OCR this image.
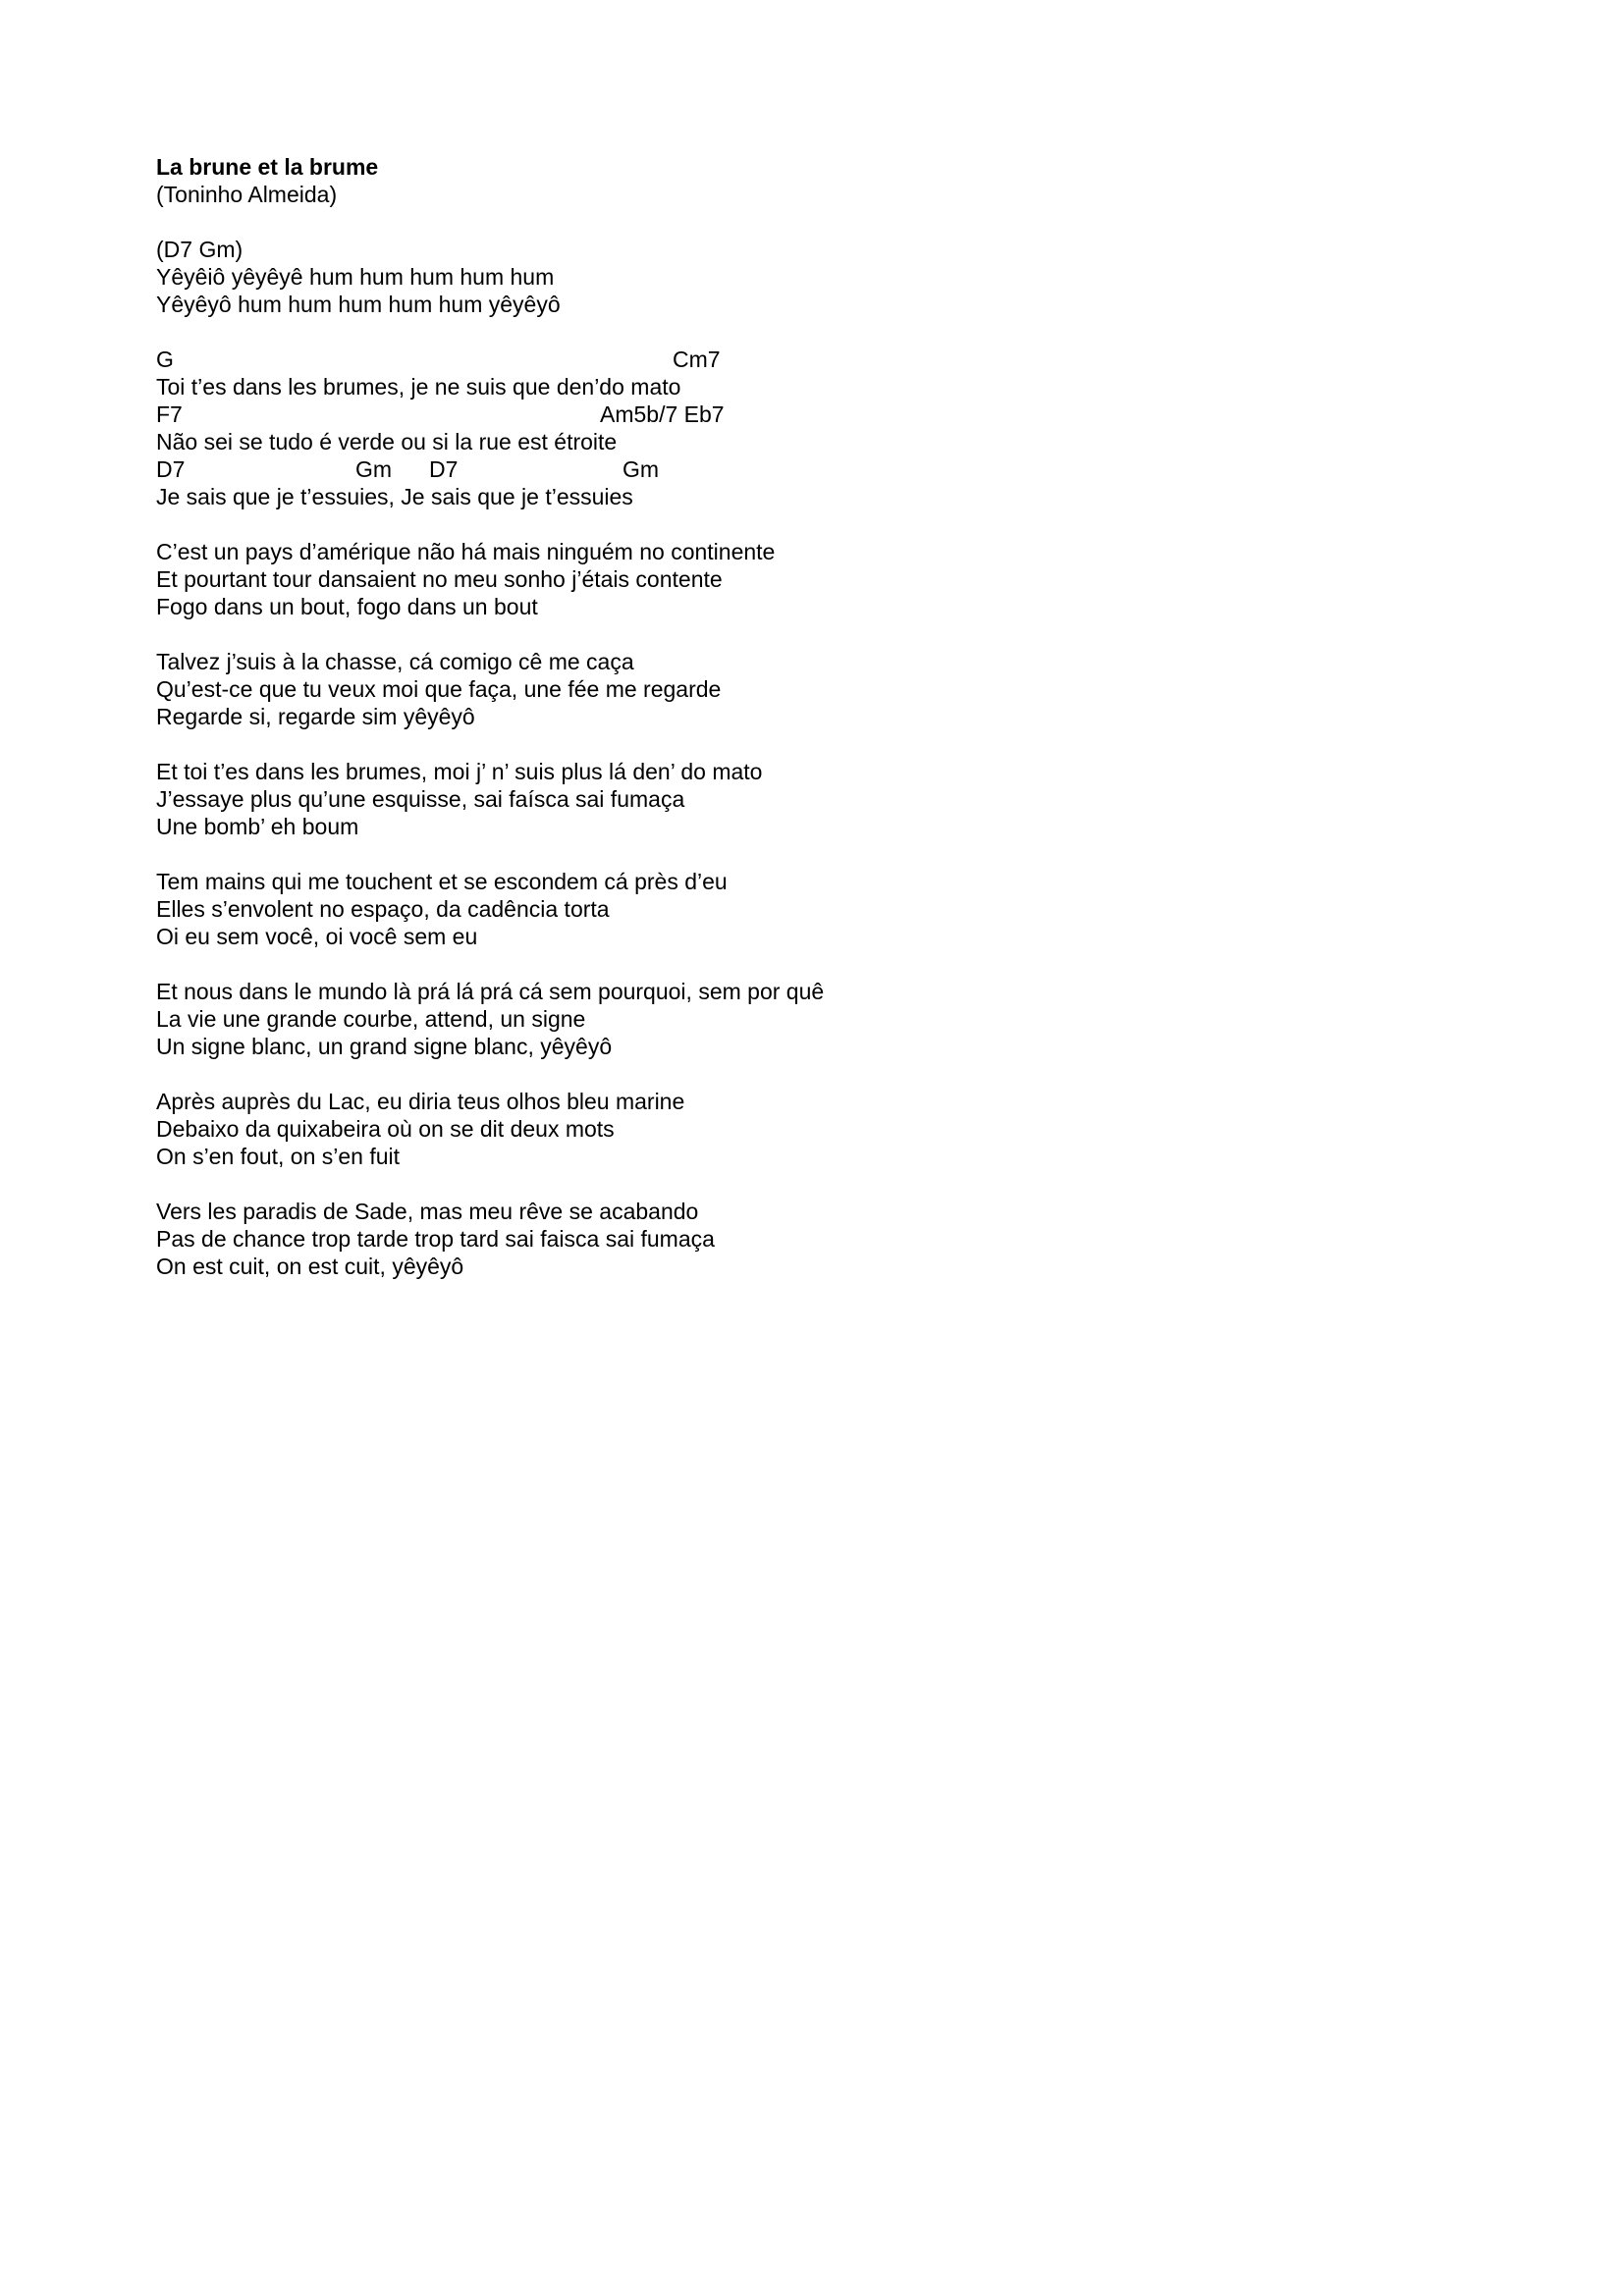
La brune et la brume
(Toninho Almeida)
(D7 Gm)
Yêyêiô yêyêyê hum hum hum hum hum
Yêyêyô hum hum hum hum hum yêyêyô
G	Cm7
Toi t’es dans les brumes, je ne suis que den’do mato
F7	Am5b/7 Eb7
Não sei se tudo é verde ou si la rue est étroite
D7	Gm D7	Gm
Je sais que je t’essuies, Je sais que je t’essuies
C’est un pays d’amérique não há mais ninguém no continente
Et pourtant tour dansaient no meu sonho j’étais contente
Fogo dans un bout, fogo dans un bout
Talvez j’suis à la chasse, cá comigo cê me caça
Qu’est-ce que tu veux moi que faça, une fée me regarde
Regarde si, regarde sim yêyêyô
Et toi t’es dans les brumes, moi j’ n’ suis plus lá den’ do mato
J’essaye plus qu’une esquisse, sai faísca sai fumaça
Une bomb’ eh boum
Tem mains qui me touchent et se escondem cá près d’eu
Elles s’envolent no espaço, da cadência torta
Oi eu sem você, oi você sem eu
Et nous dans le mundo là prá lá prá cá sem pourquoi, sem por quê
La vie une grande courbe, attend, un signe
Un signe blanc, un grand signe blanc, yêyêyô
Après auprès du Lac, eu diria teus olhos bleu marine
Debaixo da quixabeira où on se dit deux mots
On s’en fout, on s’en fuit
Vers les paradis de Sade, mas meu rêve se acabando
Pas de chance trop tarde trop tard sai faisca sai fumaça
On est cuit, on est cuit, yêyêyô
